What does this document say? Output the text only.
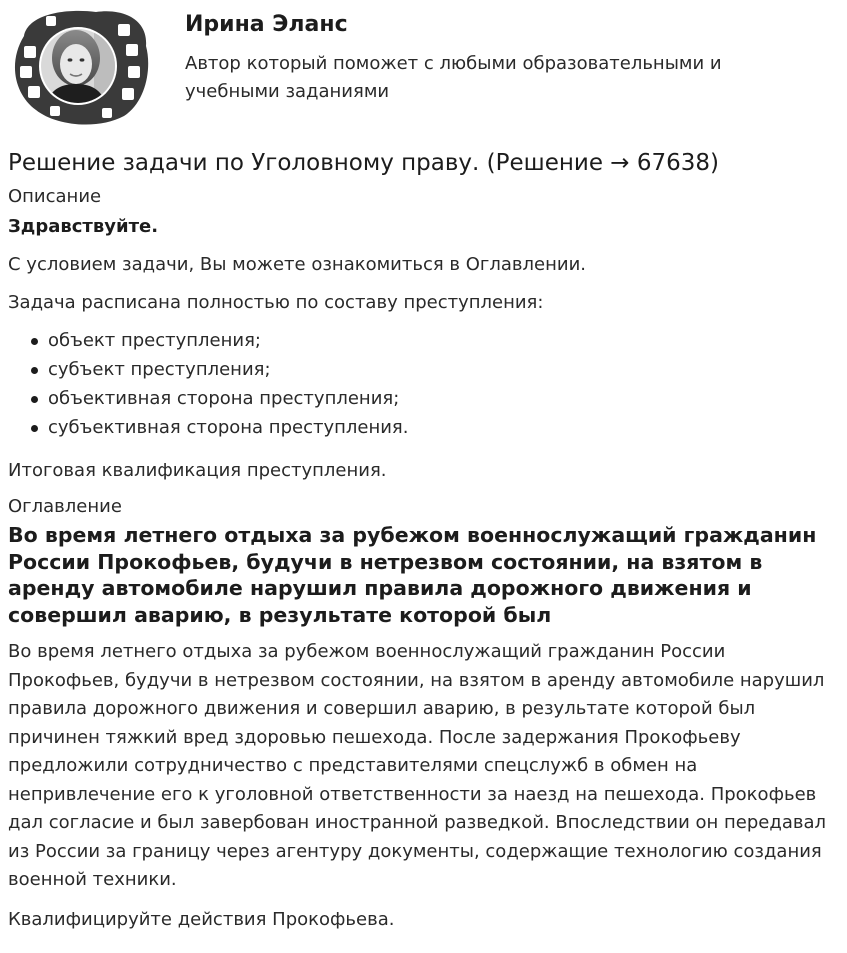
Ирина Эланс
Автор который поможет с любыми образовательными и учебными заданиями
Решение задачи по Уголовному праву. (Решение → 67638)
Описание
Здравствуйте.

С условием задачи, Вы можете ознакомиться в Оглавлении.

Задача расписана полностью по составу преступления:

объект преступления;
субъект преступления;
объективная сторона преступления;
субъективная сторона преступления.

Итоговая квалификация преступления.

Оглавление
Во время летнего отдыха за рубежом военнослужащий гражданин России Прокофьев, будучи в нетрезвом состоянии, на взятом в аренду автомобиле нарушил правила дорожного движения и совершил аварию, в результате которой был

Во время летнего отдыха за рубежом военнослужащий гражданин России Прокофьев, будучи в нетрезвом состоянии, на взятом в аренду автомобиле нарушил правила дорожного движения и совершил аварию, в результате которой был причинен тяжкий вред здоровью пешехода. После задержания Прокофьеву предложили сотрудничество с представителями спецслужб в обмен на непривлечение его к уголовной ответственности за наезд на пешехода. Прокофьев дал согласие и был завербован иностранной разведкой. Впоследствии он передавал из России за границу через агентуру документы, содержащие технологию создания военной техники.

Квалифицируйте действия Прокофьева.
